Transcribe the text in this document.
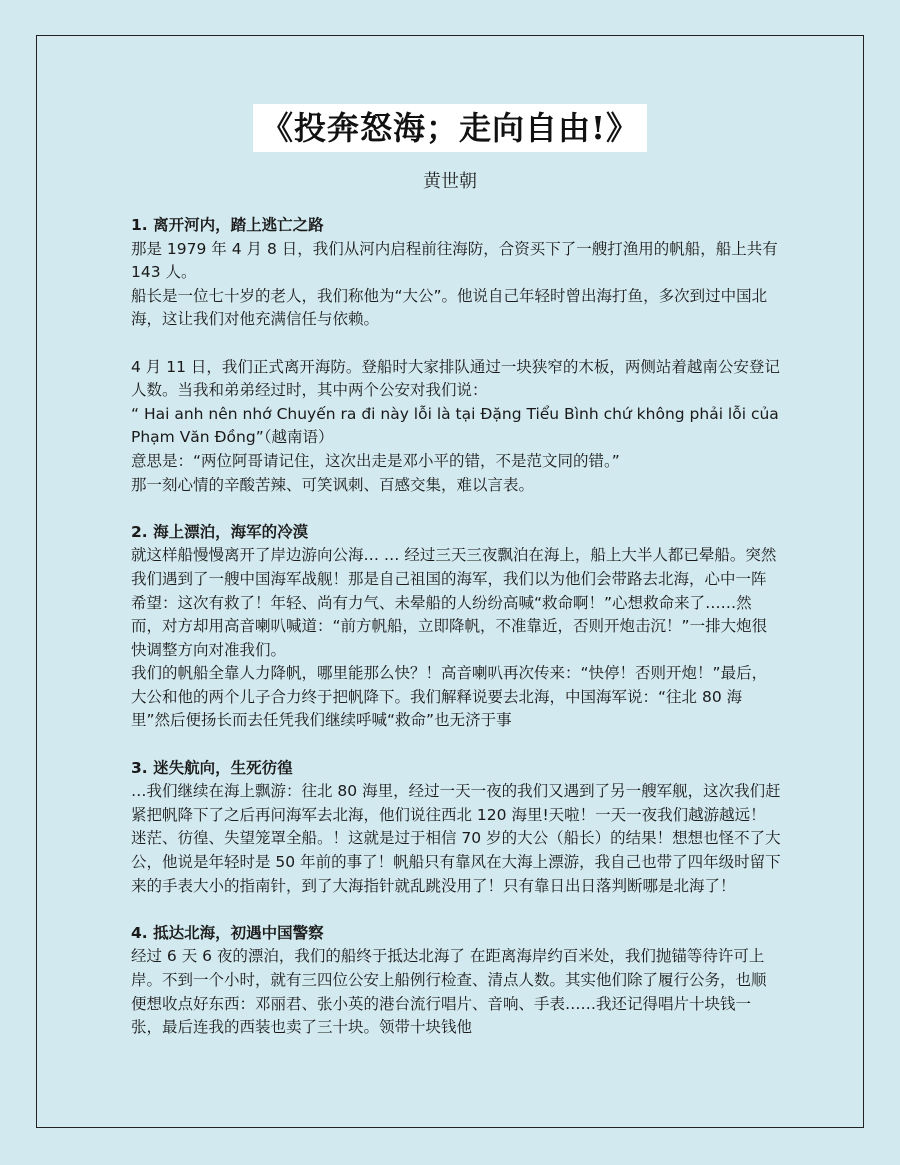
《投奔怒海；走向自由!》
黄世朝
1. 离开河内，踏上逃亡之路

那是 1979 年 4 月 8 日，我们从河内启程前往海防，合资买下了一艘打渔用的帆船，船上共有 143 人。

船长是一位七十岁的老人，我们称他为“大公”。他说自己年轻时曾出海打鱼，多次到过中国北海，这让我们对他充满信任与依赖。

4 月 11 日，我们正式离开海防。登船时大家排队通过一块狭窄的木板，两侧站着越南公安登记人数。当我和弟弟经过时，其中两个公安对我们说：

“ Hai anh nên nhớ Chuyến ra đi này lỗi là tại Đặng Tiểu Bình chứ không phải lỗi của Phạm Văn Đồng”（越南语）

意思是：“两位阿哥请记住，这次出走是邓小平的错，不是范文同的错。”

那一刻心情的辛酸苦辣、可笑讽刺、百感交集，难以言表。

2. 海上漂泊，海军的冷漠

就这样船慢慢离开了岸边游向公海… … 经过三天三夜飘泊在海上，船上大半人都已晕船。突然我们遇到了一艘中国海军战舰！那是自己祖国的海军，我们以为他们会带路去北海，心中一阵希望：这次有救了！年轻、尚有力气、未晕船的人纷纷高喊“救命啊！”心想救命来了……然而，对方却用高音喇叭喊道：“前方帆船，立即降帆，不准靠近，否则开炮击沉！”一排大炮很快调整方向对准我们。

我们的帆船全靠人力降帆，哪里能那么快？！高音喇叭再次传来：“快停！否则开炮！”最后，大公和他的两个儿子合力终于把帆降下。我们解释说要去北海，中国海军说：“往北 80 海里”然后便扬长而去任凭我们继续呼喊“救命”也无济于事

3. 迷失航向，生死彷徨

…我们继续在海上飘游：往北 80 海里，经过一天一夜的我们又遇到了另一艘军舰，这次我们赶紧把帆降下了之后再问海军去北海，他们说往西北 120 海里!天啦！一天一夜我们越游越远！迷茫、彷徨、失望笼罩全船。！这就是过于相信 70 岁的大公（船长）的结果！想想也怪不了大公，他说是年轻时是 50 年前的事了！帆船只有靠风在大海上漂游，我自己也带了四年级时留下来的手表大小的指南针，到了大海指针就乱跳没用了！只有靠日出日落判断哪是北海了！

4. 抵达北海，初遇中国警察

经过 6 天 6 夜的漂泊，我们的船终于抵达北海了 在距离海岸约百米处，我们抛锚等待许可上岸。不到一个小时，就有三四位公安上船例行检查、清点人数。其实他们除了履行公务，也顺便想收点好东西：邓丽君、张小英的港台流行唱片、音响、手表……我还记得唱片十块钱一张，最后连我的西装也卖了三十块。领带十块钱他
